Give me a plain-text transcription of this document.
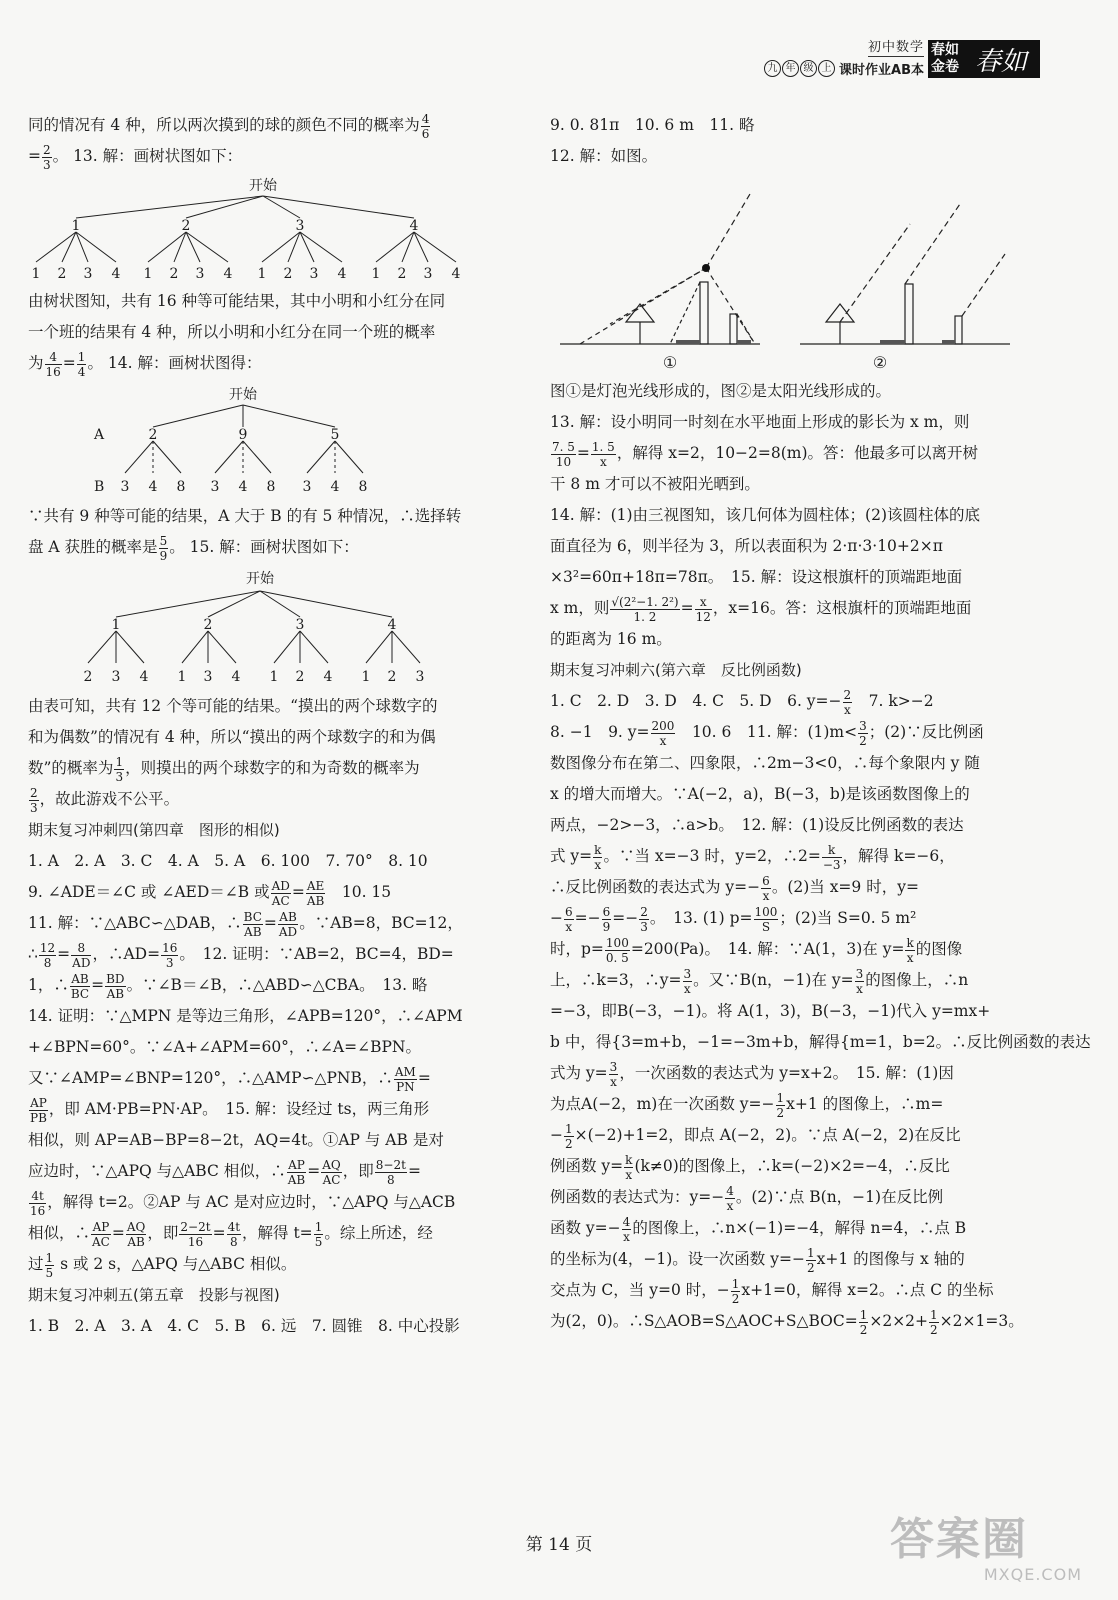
初中数学
九 年 级 上 课时作业AB本
春如
金卷 春如
同的情况有 4 种，所以两次摸到的球的颜色不同的概率为 $\frac{4}{6}$
= $\frac{2}{3}$ 。 13. 解：画树状图如下：
开始
1	2	3	4
1 2 3 4 1 2 3 4 1 2 3 4 1 2 3 4
由树状图知，共有 16 种等可能结果，其中小明和小红分在同
一个班的结果有 4 种，所以小明和小红分在同一个班的概率
为 $\frac{4}{16} = \frac{1}{4}$ 。 14. 解：画树状图得：
开始
A
B
2	9	5
3 4 8 3 4 8 3 4 8
∵共有 9 种等可能的结果，A 大于 B 的有 5 种情况，∴选择转
盘 A 获胜的概率是 $\frac{5}{9}$ 。 15. 解：画树状图如下：
开始
1	2	3	4
2 3 4 1 3 4 1 2 4 1 2 3
由表可知，共有 12 个等可能的结果。“摸出的两个球数字的
和为偶数”的情况有 4 种，所以“摸出的两个球数字的和为偶
数”的概率为 $\frac{1}{3}$ ，则摸出的两个球数字的和为奇数的概率为
$\frac{2}{3}$ ，故此游戏不公平。
期末复习冲刺四(第四章　图形的相似)
1. A　2. A　3. C　4. A　5. A　6. 100　7. 70°　8. 10
9. ∠ADE＝∠C 或 ∠AED＝∠B 或 $\frac{AD}{AC} = \frac{AE}{AB}$ 　10. 15
11. 解：∵△ABC∽△DAB，∴ $\frac{BC}{AB} = \frac{AB}{AD}$ 。∵AB=8，BC=12，
∴ $\frac{12}{8} = \frac{8}{AD}$ ，∴AD= $\frac{16}{3}$ 。　12. 证明：∵AB=2，BC=4，BD=
1，∴ $\frac{AB}{BC} = \frac{BD}{AB}$ 。∵∠B＝∠B，∴△ABD∽△CBA。　13. 略
14. 证明：∵△MPN 是等边三角形，∠APB=120°，∴∠APM
+∠BPN=60°。∵∠A+∠APM=60°，∴∠A=∠BPN。
又∵∠AMP=∠BNP=120°，∴△AMP∽△PNB，∴ $\frac{AM}{PN}$ =
$\frac{AP}{PB}$ ，即 AM·PB=PN·AP。　15. 解：设经过 ts，两三角形
相似，则 AP=AB−BP=8−2t，AQ=4t。①AP 与 AB 是对
应边时，∵△APQ 与△ABC 相似，∴ $\frac{AP}{AB} = \frac{AQ}{AC}$ ，即 $\frac{8-2t}{8}$ =
$\frac{4t}{16}$ ，解得 t=2。②AP 与 AC 是对应边时，∵△APQ 与△ACB
相似，∴ $\frac{AP}{AC} = \frac{AQ}{AB}$ ，即 $\frac{2-2t}{16} = \frac{4t}{8}$ ，解得 $t= \frac{1}{5}$ 。综上所述，经
过 $\frac{1}{5}$ s 或 2 s，△APQ 与△ABC 相似。
期末复习冲刺五(第五章　投影与视图)
1. B　2. A　3. A　4. C　5. B　6. 远　7. 圆锥　8. 中心投影
9. 0. 81π　10. 6 m　11. 略
12. 解：如图。
①	②
图①是灯泡光线形成的，图②是太阳光线形成的。
13. 解：设小明同一时刻在水平地面上形成的影长为 x m，则
$\frac{7. 5}{10} = \frac{1. 5}{x}$ ，解得 x=2，10−2=8(m)。答：他最多可以离开树
干 8 m 才可以不被阳光晒到。
14. 解：(1)由三视图知，该几何体为圆柱体；(2)该圆柱体的底
面直径为 6，则半径为 3，所以表面积为 2·π·3·10+2×π
×3²=60π+18π=78π。　15. 解：设这根旗杆的顶端距地面
x m，则 $\frac{\text{√(2²−1. 2²)}}{1. 2} = \frac{x}{12}$ ，x=16。答：这根旗杆的顶端距地面
的距离为 16 m。
期末复习冲刺六(第六章　反比例函数)
1. C　2. D　3. D　4. C　5. D　6. $y=- \frac{2}{x}$ 　7. k>−2
8. −1　9. $y= \frac{200}{x}$ 　10. 6　11. 解：$(1)m< \frac{3}{2}$ ；(2)∵反比例函
数图像分布在第二、四象限，∴2m−3<0，∴每个象限内 y 随
x 的增大而增大。∵A(−2，a)，B(−3，b)是该函数图像上的
两点，−2>−3，∴a>b。　12. 解：(1)设反比例函数的表达
式 $y= \frac{k}{x}$ 。∵当 x=−3 时，y=2，∴2= $\frac{k}{-3}$ ，解得 k=−6，
∴反比例函数的表达式为 $y=- \frac{6}{x}$ 。(2)当 x=9 时，y=
− $\frac{6}{x} =- \frac{6}{9} =- \frac{2}{3}$ 。　13. (1) $p= \frac{100}{S}$ ；(2)当 S=0. 5 m²
时，$p= \frac{100}{0. 5} =200(Pa)$。　14. 解：∵A(1，3)在 $y= \frac{k}{x}$ 的图像
上，∴k=3，∴y= $\frac{3}{x}$ 。又∵B(n，−1)在 $y= \frac{3}{x}$ 的图像上，∴n
=−3，即B(−3，−1)。将 A(1，3)，B(−3，−1)代入 y=mx+
b 中，得{3=m+b，−1=−3m+b，解得{m=1，b=2。∴反比例函数的表达
式为 $y= \frac{3}{x}$ ，一次函数的表达式为 y=x+2。　15. 解：(1)因
为点A(−2，m)在一次函数 $y=- \frac{1}{2} x+1$ 的图像上，∴m=
− $\frac{1}{2} \times(-2)+1=2$，即点 A(−2，2)。∵点 A(−2，2)在反比
例函数 $y= \frac{k}{x} (k\ne 0)$的图像上，∴k=(−2)×2=−4，∴反比
例函数的表达式为：$y=- \frac{4}{x}$ 。(2)∵点 B(n，−1)在反比例
函数 $y=- \frac{4}{x}$ 的图像上，∴n×(−1)=−4，解得 n=4，∴点 B
的坐标为(4，−1)。设一次函数 $y=- \frac{1}{2} x+1$ 的图像与 x 轴的
交点为 C，当 y=0 时，− $\frac{1}{2} x+1=0$，解得 x=2。∴点 C 的坐标
为(2，0)。∴S△AOB=S△AOC+S△BOC= $\frac{1}{2} \times 2\times 2+ \frac{1}{2} \times 2\times 1=3$。
第 14 页	答案圈
MXQE.COM
